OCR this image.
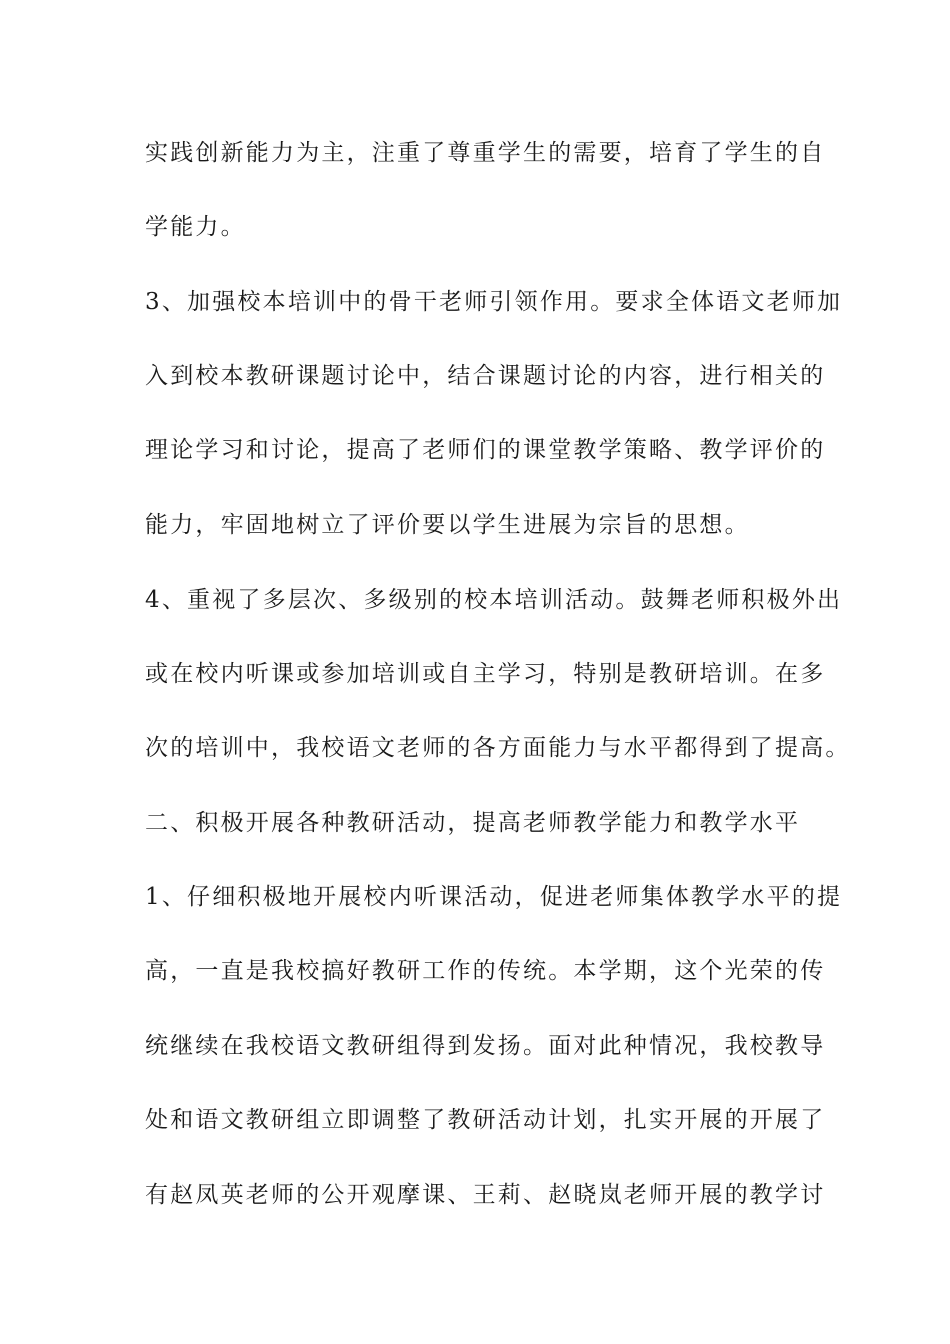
实践创新能力为主，注重了尊重学生的需要，培育了学生的自
学能力。
3、加强校本培训中的骨干老师引领作用。要求全体语文老师加
入到校本教研课题讨论中，结合课题讨论的内容，进行相关的
理论学习和讨论，提高了老师们的课堂教学策略、教学评价的
能力，牢固地树立了评价要以学生进展为宗旨的思想。
4、重视了多层次、多级别的校本培训活动。鼓舞老师积极外出
或在校内听课或参加培训或自主学习，特别是教研培训。在多
次的培训中，我校语文老师的各方面能力与水平都得到了提高。
二、积极开展各种教研活动，提高老师教学能力和教学水平
1、仔细积极地开展校内听课活动，促进老师集体教学水平的提
高，一直是我校搞好教研工作的传统。本学期，这个光荣的传
统继续在我校语文教研组得到发扬。面对此种情况，我校教导
处和语文教研组立即调整了教研活动计划，扎实开展的开展了
有赵凤英老师的公开观摩课、王莉、赵晓岚老师开展的教学讨
